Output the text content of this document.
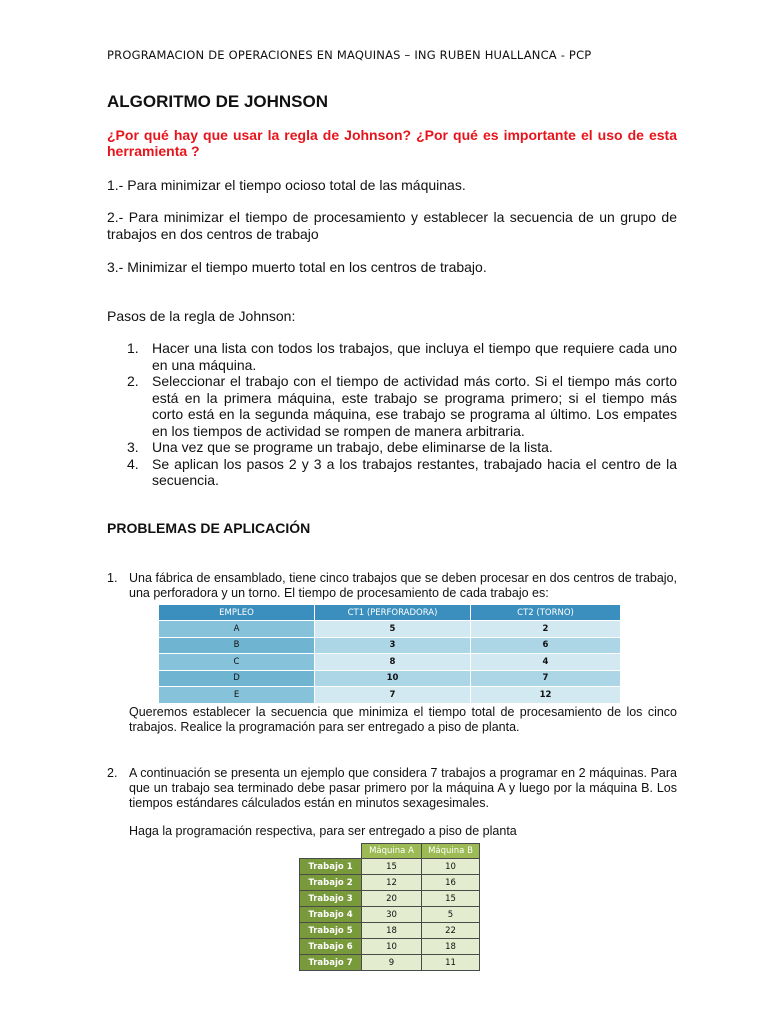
PROGRAMACION DE OPERACIONES EN MAQUINAS – ING RUBEN HUALLANCA - PCP
ALGORITMO DE JOHNSON
¿Por qué hay que usar la regla de Johnson? ¿Por qué es importante el uso de esta herramienta ?
1.- Para minimizar el tiempo ocioso total de las máquinas.
2.- Para minimizar el tiempo de procesamiento y establecer la secuencia de un grupo de trabajos en dos centros de trabajo
3.- Minimizar el tiempo muerto total en los centros de trabajo.
Pasos de la regla de Johnson:
1. Hacer una lista con todos los trabajos, que incluya el tiempo que requiere cada uno en una máquina.
2. Seleccionar el trabajo con el tiempo de actividad más corto. Si el tiempo más corto está en la primera máquina, este trabajo se programa primero; si el tiempo más corto está en la segunda máquina, ese trabajo se programa al último. Los empates en los tiempos de actividad se rompen de manera arbitraria.
3. Una vez que se programe un trabajo, debe eliminarse de la lista.
4. Se aplican los pasos 2 y 3 a los trabajos restantes, trabajado hacia el centro de la secuencia.
PROBLEMAS DE APLICACIÓN
1. Una fábrica de ensamblado, tiene cinco trabajos que se deben procesar en dos centros de trabajo, una perforadora y un torno. El tiempo de procesamiento de cada trabajo es:
EMPLEO	CT1 (PERFORADORA)	CT2 (TORNO)
A	5	2
B	3	6
C	8	4
D	10	7
E	7	12
Queremos establecer la secuencia que minimiza el tiempo total de procesamiento de los cinco trabajos. Realice la programación para ser entregado a piso de planta.
2. A continuación se presenta un ejemplo que considera 7 trabajos a programar en 2 máquinas. Para que un trabajo sea terminado debe pasar primero por la máquina A y luego por la máquina B. Los tiempos estándares cálculados están en minutos sexagesimales.
Haga la programación respectiva, para ser entregado a piso de planta
	Máquina A	Máquina B
Trabajo 1	15	10
Trabajo 2	12	16
Trabajo 3	20	15
Trabajo 4	30	5
Trabajo 5	18	22
Trabajo 6	10	18
Trabajo 7	9	11
